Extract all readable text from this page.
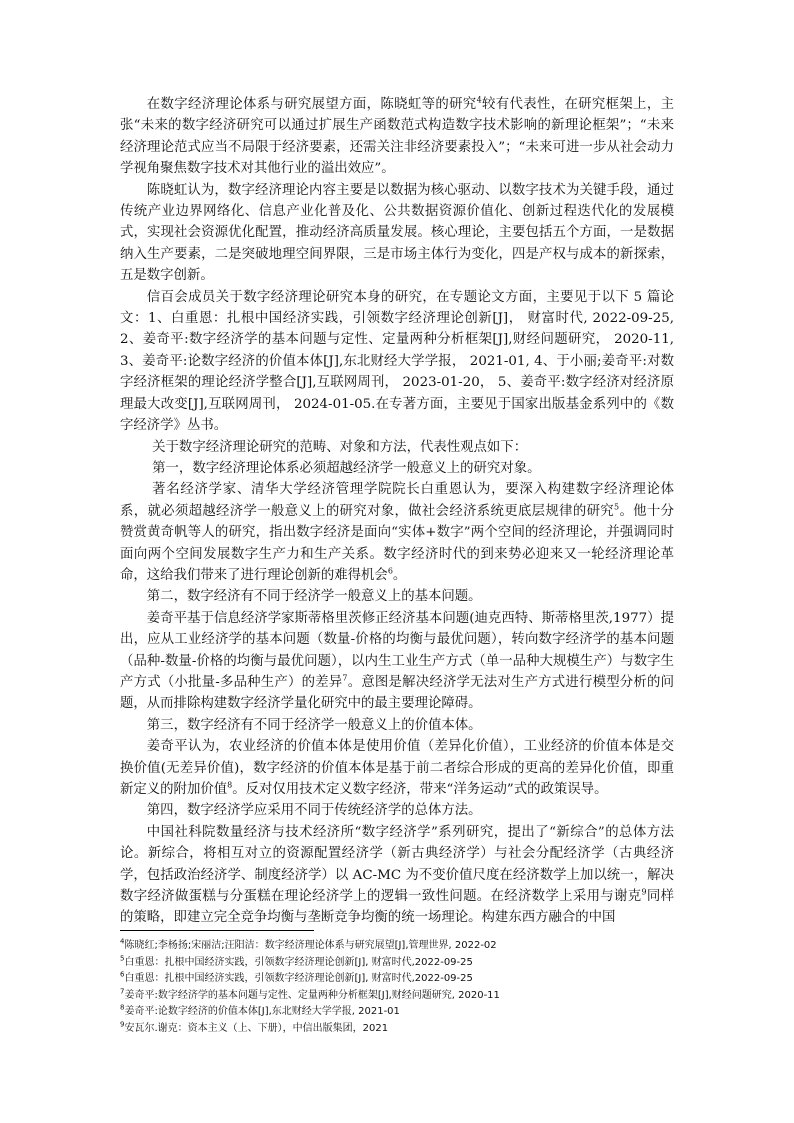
在数字经济理论体系与研究展望方面，陈晓虹等的研究$^4$较有代表性，在研究框架上，主张“未来的数字经济研究可以通过扩展生产函数范式构造数字技术影响的新理论框架”；“未来经济理论范式应当不局限于经济要素，还需关注非经济要素投入”；“未来可进一步从社会动力学视角聚焦数字技术对其他行业的溢出效应”。

陈晓虹认为，数字经济理论内容主要是以数据为核心驱动、以数字技术为关键手段，通过传统产业边界网络化、信息产业化普及化、公共数据资源价值化、创新过程迭代化的发展模式，实现社会资源优化配置，推动经济高质量发展。核心理论，主要包括五个方面，一是数据纳入生产要素，二是突破地理空间界限，三是市场主体行为变化，四是产权与成本的新探索，五是数字创新。

信百会成员关于数字经济理论研究本身的研究，在专题论文方面，主要见于以下 5 篇论文：1、白重恩：扎根中国经济实践，引领数字经济理论创新[J]， 财富时代, 2022-09-25, 2、姜奇平:数字经济学的基本问题与定性、定量两种分析框架[J],财经问题研究， 2020-11, 3、姜奇平:论数字经济的价值本体[J],东北财经大学学报， 2021-01, 4、于小丽;姜奇平:对数字经济框架的理论经济学整合[J],互联网周刊， 2023-01-20， 5、姜奇平:数字经济对经济原理最大改变[J],互联网周刊， 2024-01-05.在专著方面，主要见于国家出版基金系列中的《数字经济学》丛书。

关于数字经济理论研究的范畴、对象和方法，代表性观点如下：

第一，数字经济理论体系必须超越经济学一般意义上的研究对象。

著名经济学家、清华大学经济管理学院院长白重恩认为，要深入构建数字经济理论体系，就必须超越经济学一般意义上的研究对象，做社会经济系统更底层规律的研究$^5$。他十分赞赏黄奇帆等人的研究，指出数字经济是面向“实体+数字”两个空间的经济理论，并强调同时面向两个空间发展数字生产力和生产关系。数字经济时代的到来势必迎来又一轮经济理论革命，这给我们带来了进行理论创新的难得机会$^6$。

第二，数字经济有不同于经济学一般意义上的基本问题。

姜奇平基于信息经济学家斯蒂格里茨修正经济基本问题(迪克西特、斯蒂格里茨,1977）提出，应从工业经济学的基本问题（数量-价格的均衡与最优问题），转向数字经济学的基本问题（品种-数量-价格的均衡与最优问题），以内生工业生产方式（单一品种大规模生产）与数字生产方式（小批量-多品种生产）的差异$^7$。意图是解决经济学无法对生产方式进行模型分析的问题，从而排除构建数字经济学量化研究中的最主要理论障碍。

第三，数字经济有不同于经济学一般意义上的价值本体。

姜奇平认为，农业经济的价值本体是使用价值（差异化价值），工业经济的价值本体是交换价值(无差异价值)，数字经济的价值本体是基于前二者综合形成的更高的差异化价值，即重新定义的附加价值$^8$。反对仅用技术定义数字经济，带来“洋务运动”式的政策误导。

第四，数字经济学应采用不同于传统经济学的总体方法。

中国社科院数量经济与技术经济所“数字经济学”系列研究，提出了“新综合”的总体方法论。新综合，将相互对立的资源配置经济学（新古典经济学）与社会分配经济学（古典经济学，包括政治经济学、制度经济学）以 AC-MC 为不变价值尺度在经济数学上加以统一，解决数字经济做蛋糕与分蛋糕在理论经济学上的逻辑一致性问题。在经济数学上采用与谢克$^9$同样的策略，即建立完全竞争均衡与垄断竞争均衡的统一场理论。构建东西方融合的中国

$^4$陈晓红;李杨扬;宋丽洁;汪阳洁：数字经济理论体系与研究展望[J],管理世界, 2022-02

$^5$白重恩：扎根中国经济实践，引领数字经济理论创新[J], 财富时代,2022-09-25

$^6$白重恩：扎根中国经济实践，引领数字经济理论创新[J], 财富时代,2022-09-25

$^7$姜奇平:数字经济学的基本问题与定性、定量两种分析框架[J],财经问题研究, 2020-11

$^8$姜奇平:论数字经济的价值本体[J],东北财经大学学报, 2021-01

$^9$安瓦尔.谢克：资本主义（上、下册），中信出版集团，2021
